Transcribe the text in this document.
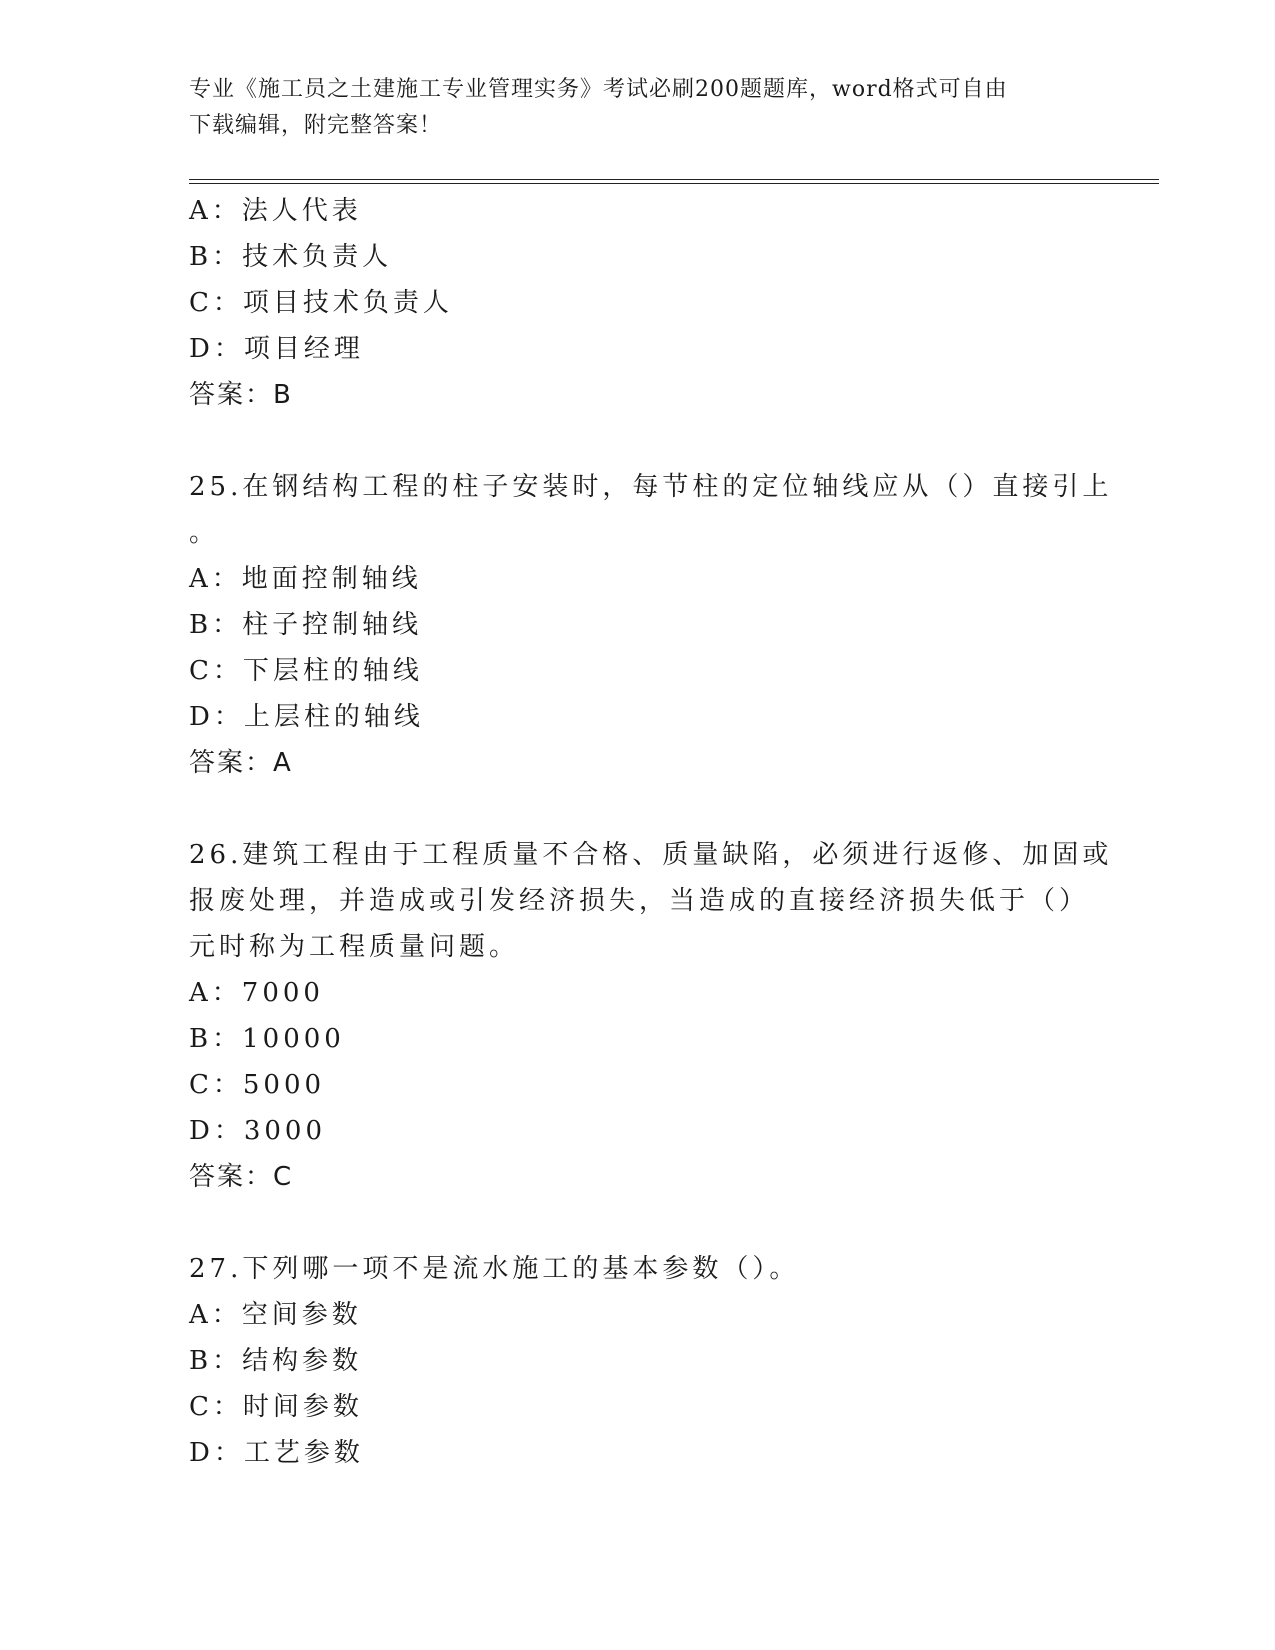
专业《施工员之土建施工专业管理实务》考试必刷200题题库，word格式可自由
下载编辑，附完整答案！
A：法人代表
B：技术负责人
C：项目技术负责人
D：项目经理
答案：B
25.在钢结构工程的柱子安装时，每节柱的定位轴线应从（）直接引上
。
A：地面控制轴线
B：柱子控制轴线
C：下层柱的轴线
D：上层柱的轴线
答案：A
26.建筑工程由于工程质量不合格、质量缺陷，必须进行返修、加固或
报废处理，并造成或引发经济损失，当造成的直接经济损失低于（）
元时称为工程质量问题。
A：7000
B：10000
C：5000
D：3000
答案：C
27.下列哪一项不是流水施工的基本参数（）。
A：空间参数
B：结构参数
C：时间参数
D：工艺参数
